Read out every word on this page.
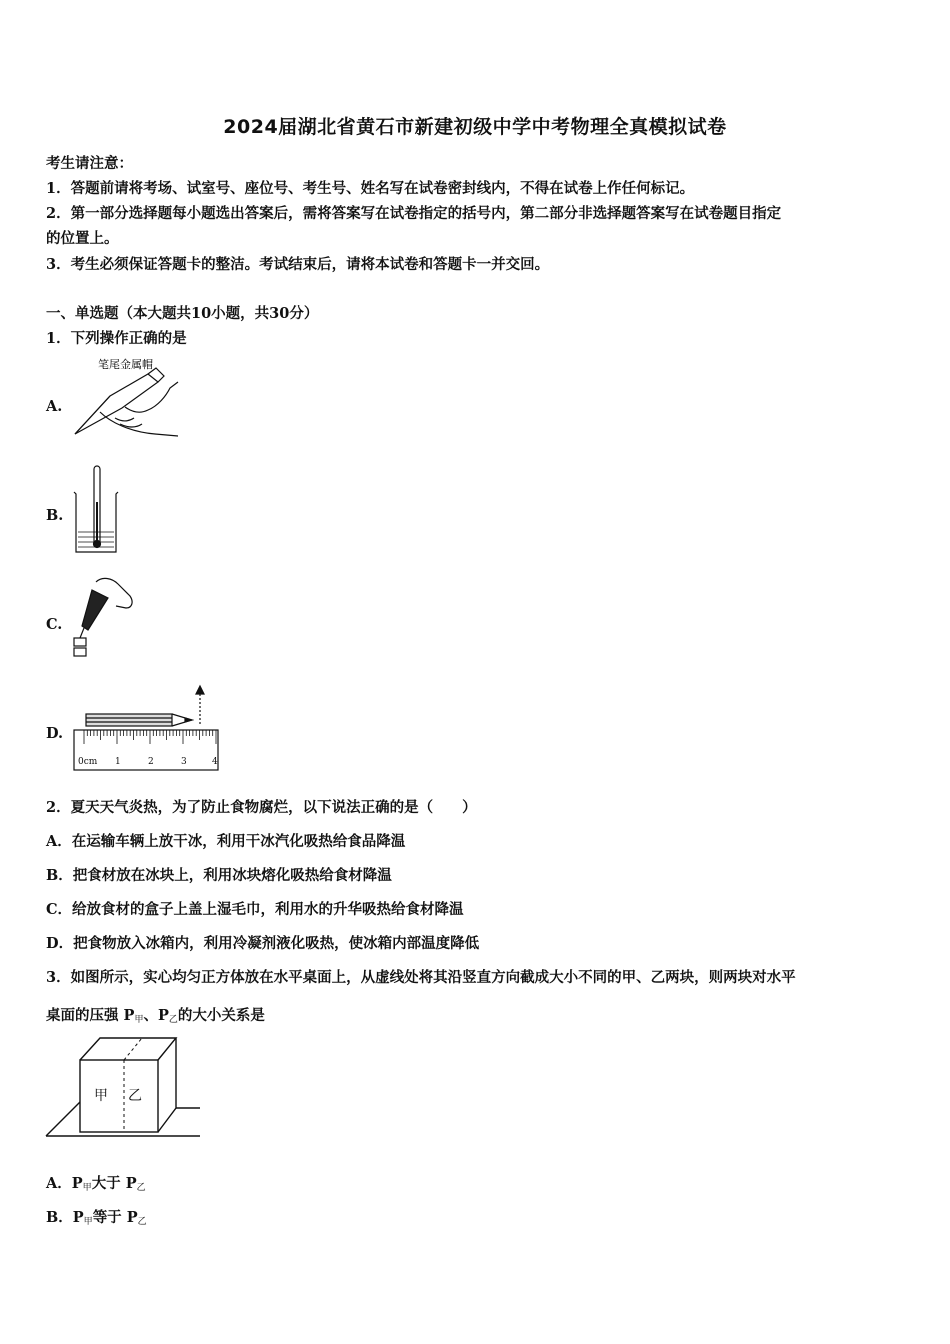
2024届湖北省黄石市新建初级中学中考物理全真模拟试卷
考生请注意：
1．答题前请将考场、试室号、座位号、考生号、姓名写在试卷密封线内，不得在试卷上作任何标记。
2．第一部分选择题每小题选出答案后，需将答案写在试卷指定的括号内，第二部分非选择题答案写在试卷题目指定
的位置上。
3．考生必须保证答题卡的整洁。考试结束后，请将本试卷和答题卡一并交回。
一、单选题（本大题共10小题，共30分）
1．下列操作正确的是
A.
笔尾金属帽
B.
C.
D.
0cm 1	2	3	4
2．夏天天气炎热，为了防止食物腐烂，以下说法正确的是（　　）
A．在运输车辆上放干冰，利用干冰汽化吸热给食品降温
B．把食材放在冰块上，利用冰块熔化吸热给食材降温
C．给放食材的盒子上盖上湿毛巾，利用水的升华吸热给食材降温
D．把食物放入冰箱内，利用冷凝剂液化吸热，使冰箱内部温度降低
3．如图所示，实心均匀正方体放在水平桌面上，从虚线处将其沿竖直方向截成大小不同的甲、乙两块，则两块对水平
桌面的压强 $P_甲$、$P_乙$的大小关系是
甲 乙
A．$P_甲$大于 $P_乙$
B．$P_甲$等于 $P_乙$
